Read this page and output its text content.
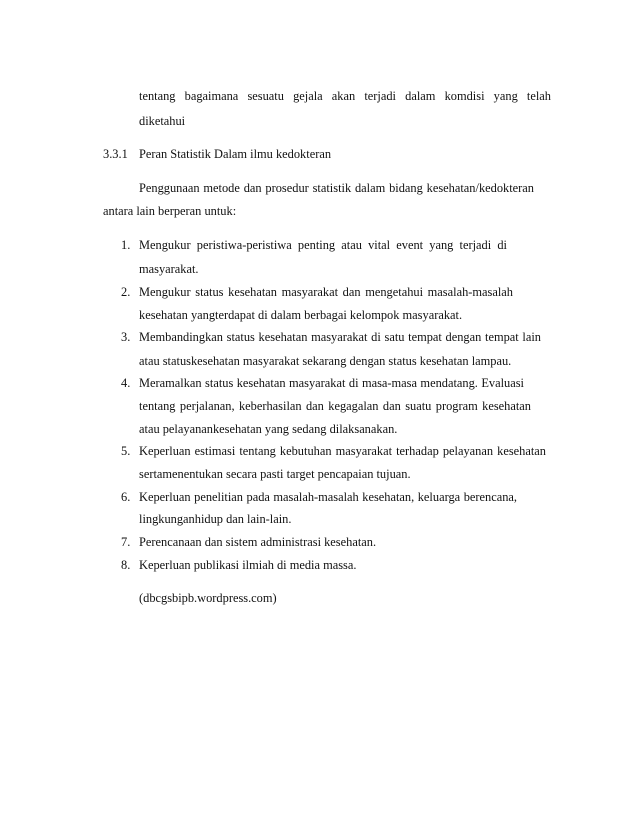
tentang bagaimana sesuatu gejala akan terjadi dalam komdisi yang telah
diketahui
3.3.1 Peran Statistik Dalam ilmu kedokteran
Penggunaan metode dan prosedur statistik dalam bidang kesehatan/kedokteran
antara lain berperan untuk:
1. Mengukur peristiwa-peristiwa penting atau vital event yang terjadi di
masyarakat.
2. Mengukur status kesehatan masyarakat dan mengetahui masalah-masalah
kesehatan yangterdapat di dalam berbagai kelompok masyarakat.
3. Membandingkan status kesehatan masyarakat di satu tempat dengan tempat lain
atau statuskesehatan masyarakat sekarang dengan status kesehatan lampau.
4. Meramalkan status kesehatan masyarakat di masa-masa mendatang. Evaluasi
tentang perjalanan, keberhasilan dan kegagalan dan suatu program kesehatan
atau pelayanankesehatan yang sedang dilaksanakan.
5. Keperluan estimasi tentang kebutuhan masyarakat terhadap pelayanan kesehatan
sertamenentukan secara pasti target pencapaian tujuan.
6. Keperluan penelitian pada masalah-masalah kesehatan, keluarga berencana,
lingkunganhidup dan lain-lain.
7. Perencanaan dan sistem administrasi kesehatan.
8. Keperluan publikasi ilmiah di media massa.
(dbcgsbipb.wordpress.com)
